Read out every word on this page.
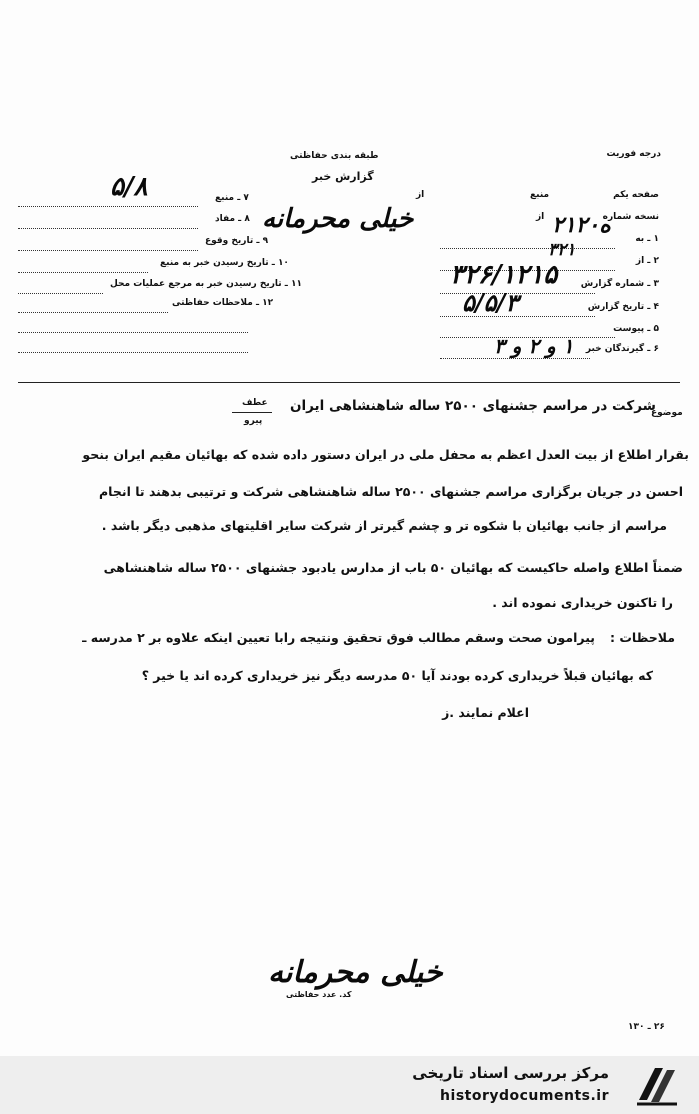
درجه فوریت
طبقه بندی حفاظتی
گزارش خبر
صفحه یکم
نسخه شماره
۱ ـ به
۲ ـ از
۳ ـ شماره گزارش
۴ ـ تاریخ گزارش
۵ ـ پیوست
۶ ـ گیرندگان خبر
منبع
از
از
۷ ـ منبع
۸ ـ مفاد
۹ ـ تاریخ وقوع
۱۰ ـ تاریخ رسیدن خبر به منبع
۱۱ ـ تاریخ رسیدن خبر به مرجع عملیات محل
۱۲ ـ ملاحظات حفاظتی
۵/۸
خیلی محرمانه	۲۱ه۲۰
۳۲۱
۳۲۶/۱۲۱۵
۵/۵/۳
۱ و ۲ و ۳
موضوع
شرکت در مراسم جشنهای ۲۵۰۰ ساله شاهنشاهی ایران
عطف
پیرو
بقرار اطلاع از بیت العدل اعظم به محفل ملی در ایران دستور داده شده که بهائیان مقیم ایران بنحو
احسن در جریان برگزاری مراسم جشنهای ۲۵۰۰ ساله شاهنشاهی شرکت و ترتیبی بدهند تا انجام
مراسم از جانب بهائیان با شکوه تر و چشم گیرتر از شرکت سایر اقلیتهای مذهبی دیگر باشد .
ضمناً اطلاع واصله حاکیست که بهائیان ۵۰ باب از مدارس یادبود جشنهای ۲۵۰۰ ساله شاهنشاهی
را تاکنون خریداری نموده اند .
ملاحظات :
پیرامون صحت وسقم مطالب فوق تحقیق ونتیجه رابا تعیین اینکه علاوه بر ۲ مدرسه ـ
که بهائیان قبلاً خریداری کرده بودند آیا ۵۰ مدرسه دیگر نیز خریداری کرده اند یا خیر ؟
اعلام نمایند .ز
خیلی محرمانه
کد. عدد حفاظتی
۲۶ ـ ۱۳۰
مرکز بررسی اسناد تاریخی
historydocuments.ir
